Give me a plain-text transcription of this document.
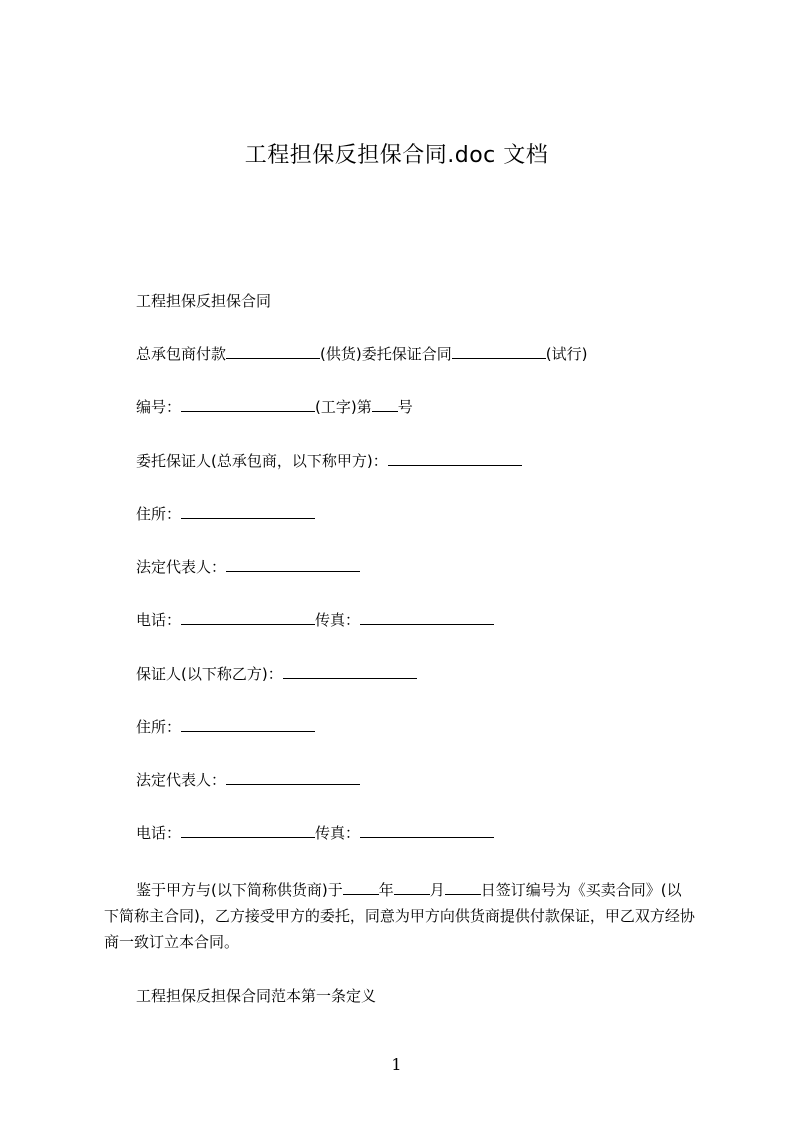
工程担保反担保合同.doc 文档
工程担保反担保合同
总承包商付款	(供货)委托保证合同	(试行)
编号：	(工字)第 号
委托保证人(总承包商，以下称甲方)：
住所：
法定代表人：
电话：	传真：
保证人(以下称乙方)：
住所：
法定代表人：
电话：	传真：
鉴于甲方与(以下简称供货商)于 年 月 日签订编号为《买卖合同》(以下简称主合同)，乙方接受甲方的委托，同意为甲方向供货商提供付款保证，甲乙双方经协商一致订立本合同。
工程担保反担保合同范本第一条定义
1
